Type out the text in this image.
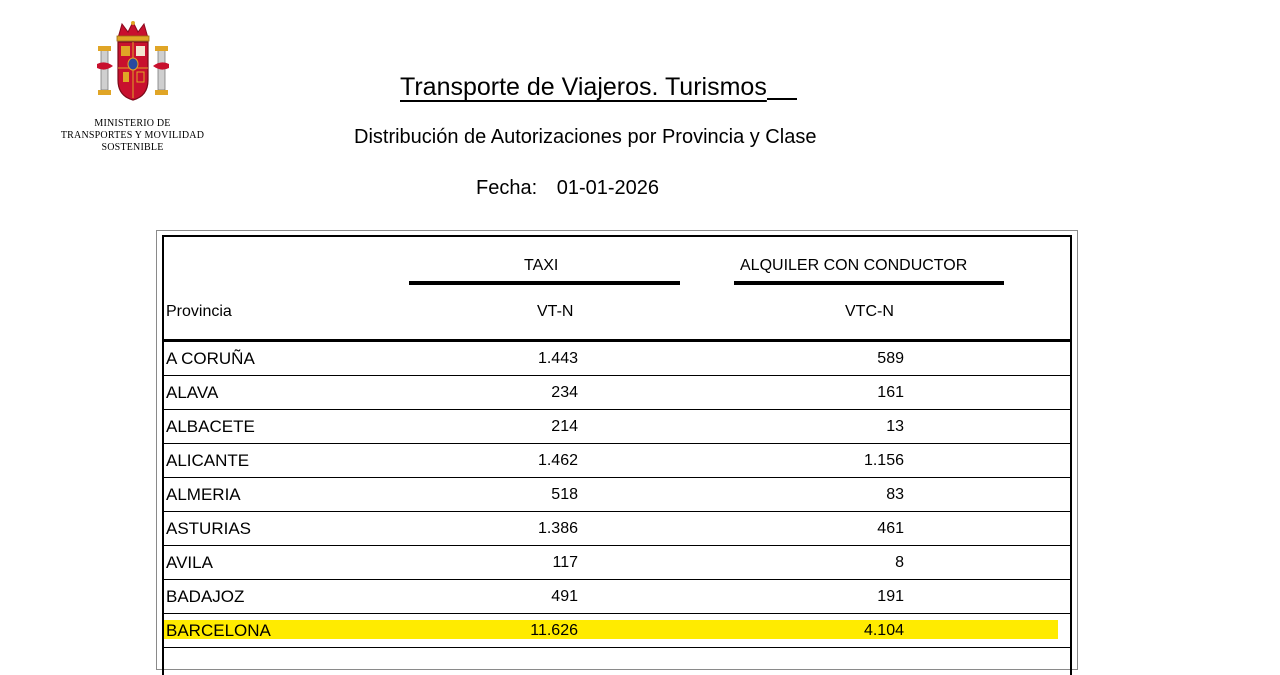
MINISTERIO DE
TRANSPORTES Y MOVILIDAD
SOSTENIBLE
Transporte de Viajeros. Turismos
Distribución de Autorizaciones por Provincia y Clase
Fecha: 01-01-2026
TAXI	ALQUILER CON CONDUCTOR
Provincia	VT-N	VTC-N
A CORUÑA	1.443	589
ALAVA	234	161
ALBACETE	214	13
ALICANTE	1.462	1.156
ALMERIA	518	83
ASTURIAS	1.386	461
AVILA	117	8
BADAJOZ	491	191
BARCELONA	11.626	4.104
